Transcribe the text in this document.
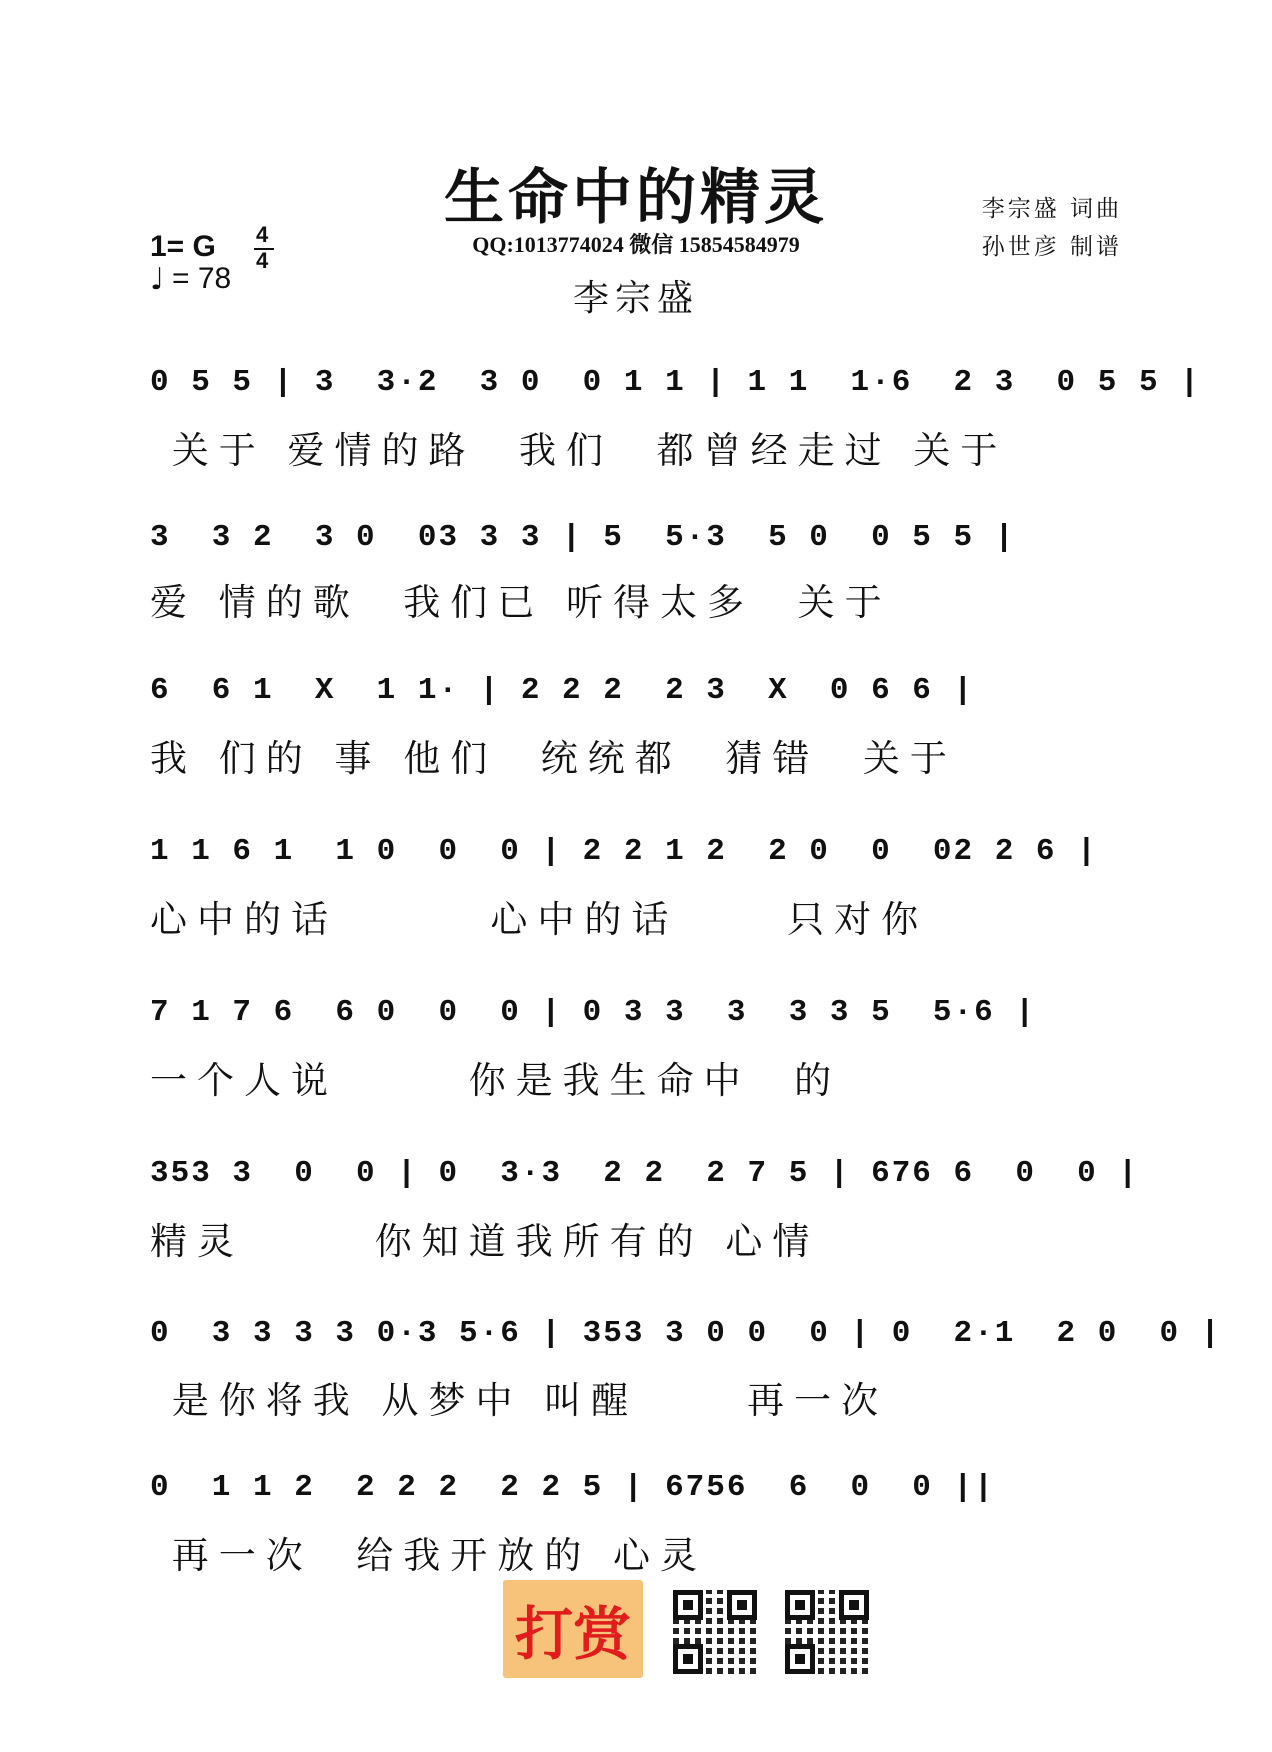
生命中的精灵
QQ:1013774024 微信 15854584979
李宗盛
李宗盛 词曲
孙世彦 制谱
1= G
♩ = 78
4
4
0 5 5 | 3  3·2  3 0  0 1 1 | 1 1  1·6  2 3  0 5 5 |
关于 爱情的路  我们  都曾经走过 关于
3  3 2  3 0  03 3 3 | 5  5·3  5 0  0 5 5 |
爱 情的歌  我们已 听得太多  关于
6  6 1  X  1 1· | 2 2 2  2 3  X  0 6 6 |
我 们的 事 他们  统统都  猜错  关于
1 1 6 1  1 0  0  0 | 2 2 1 2  2 0  0  02 2 6 |
心中的话       心中的话     只对你
7 1 7 6  6 0  0  0 | 0 3 3  3  3 3 5  5·6 |
一个人说      你是我生命中  的
353 3  0  0 | 0  3·3  2 2  2 7 5 | 676 6  0  0 |
精灵      你知道我所有的 心情
0  3 3 3 3 0·3 5·6 | 353 3 0 0  0 | 0  2·1  2 0  0 |
是你将我 从梦中 叫醒     再一次
0  1 1 2  2 2 2  2 2 5 | 6756  6  0  0 ||
再一次  给我开放的 心灵
打赏
